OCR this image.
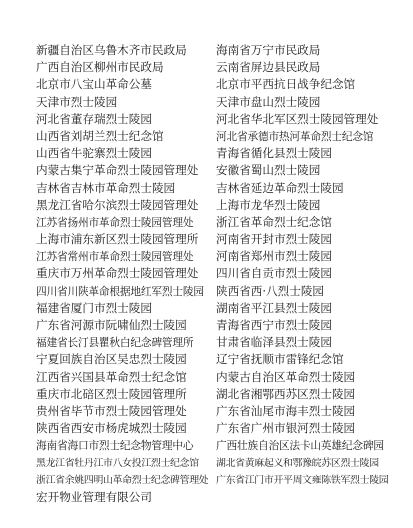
新疆自治区乌鲁木齐市民政局
广西自治区柳州市民政局
北京市八宝山革命公墓
天津市烈士陵园
河北省董存瑞烈士陵园
山西省刘胡兰烈士纪念馆
山西省牛驼寨烈士陵园
内蒙古集宁革命烈士陵园管理处
吉林省吉林市革命烈士陵园
黑龙江省哈尔滨烈士陵园管理处
江苏省扬州市革命烈士陵园管理处
上海市浦东新区烈士陵园管理所
江苏省常州市革命烈士陵园管理处
重庆市万州革命烈士陵园管理处
四川省川陕革命根据地红军烈士陵园
福建省厦门市烈士陵园
广东省河源市阮啸仙烈士陵园
福建省长汀县瞿秋白纪念碑管理所
宁夏回族自治区吴忠烈士陵园
江西省兴国县革命烈士纪念馆
重庆市北碚区烈士陵园管理所
贵州省毕节市烈士陵园管理处
陕西省西安市杨虎城烈士陵园
海南省海口市烈士纪念物管理中心
黑龙江省牡丹江市八女投江烈士纪念馆
浙江省余姚四明山革命烈士纪念碑管理处
宏开物业管理有限公司
海南省万宁市民政局
云南省屏边县民政局
北京市平西抗日战争纪念馆
天津市盘山烈士陵园
河北省华北军区烈士陵园管理处
河北省承德市热河革命烈士纪念馆
青海省循化县烈士陵园
安徽省蜀山烈士陵园
吉林省延边革命烈士陵园
上海市龙华烈士陵园
浙江省革命烈士纪念馆
河南省开封市烈士陵园
河南省郑州市烈士陵园
四川省自贡市烈士陵园
陕西省西·八烈士陵园
湖南省平江县烈士陵园
青海省西宁市烈士陵园
甘肃省临泽县烈士陵园
辽宁省抚顺市雷锋纪念馆
内蒙古自治区革命烈士陵园
湖北省湘鄂西苏区烈士陵园
广东省汕尾市海丰烈士陵园
广东省广州市银河烈士陵园
广西壮族自治区法卡山英雄纪念碑园
湖北省黄麻起义和鄂豫皖苏区烈士陵园
广东省江门市开平周文雍陈铁军烈士陵园
